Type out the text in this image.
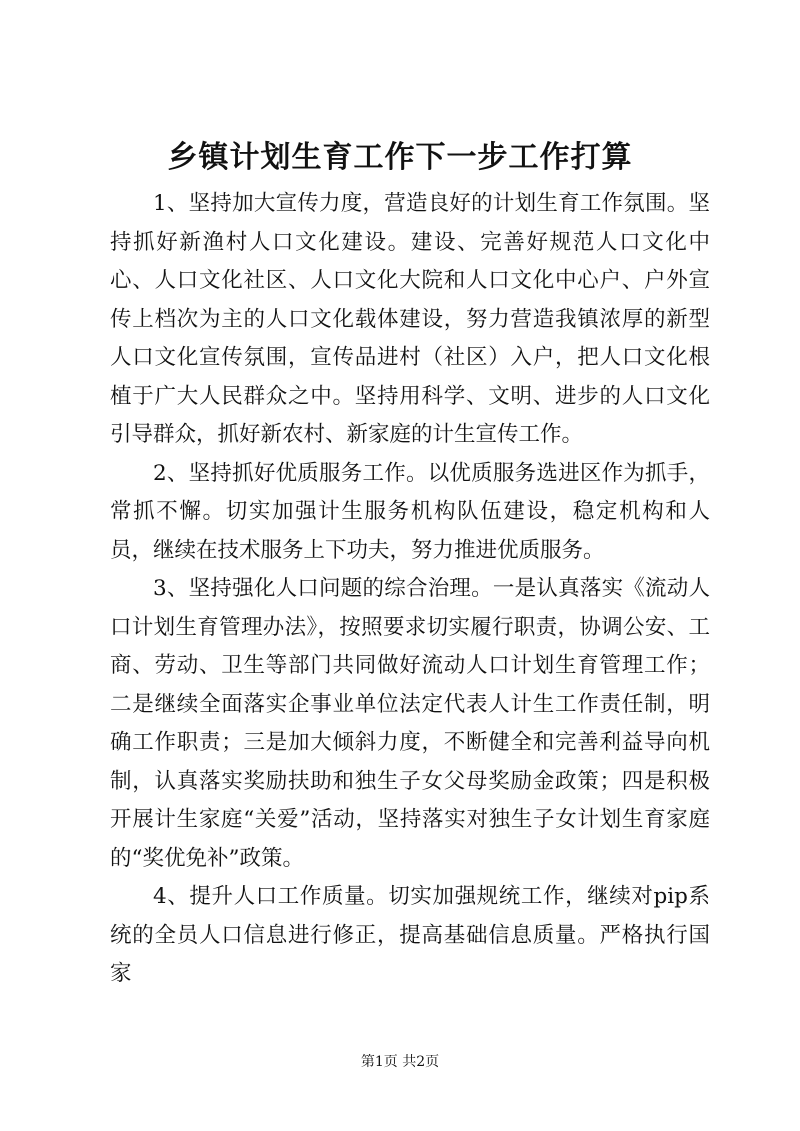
乡镇计划生育工作下一步工作打算

1、坚持加大宣传力度，营造良好的计划生育工作氛围。坚持抓好新渔村人口文化建设。建设、完善好规范人口文化中心、人口文化社区、人口文化大院和人口文化中心户、户外宣传上档次为主的人口文化载体建设，努力营造我镇浓厚的新型人口文化宣传氛围，宣传品进村（社区）入户，把人口文化根植于广大人民群众之中。坚持用科学、文明、进步的人口文化引导群众，抓好新农村、新家庭的计生宣传工作。

2、坚持抓好优质服务工作。以优质服务选进区作为抓手，常抓不懈。切实加强计生服务机构队伍建设，稳定机构和人员，继续在技术服务上下功夫，努力推进优质服务。

3、坚持强化人口问题的综合治理。一是认真落实《流动人口计划生育管理办法》，按照要求切实履行职责，协调公安、工商、劳动、卫生等部门共同做好流动人口计划生育管理工作；二是继续全面落实企事业单位法定代表人计生工作责任制，明确工作职责；三是加大倾斜力度，不断健全和完善利益导向机制，认真落实奖励扶助和独生子女父母奖励金政策；四是积极开展计生家庭“关爱”活动，坚持落实对独生子女计划生育家庭的“奖优免补”政策。

4、提升人口工作质量。切实加强规统工作，继续对pip系统的全员人口信息进行修正，提高基础信息质量。严格执行国家

第1页 共2页
